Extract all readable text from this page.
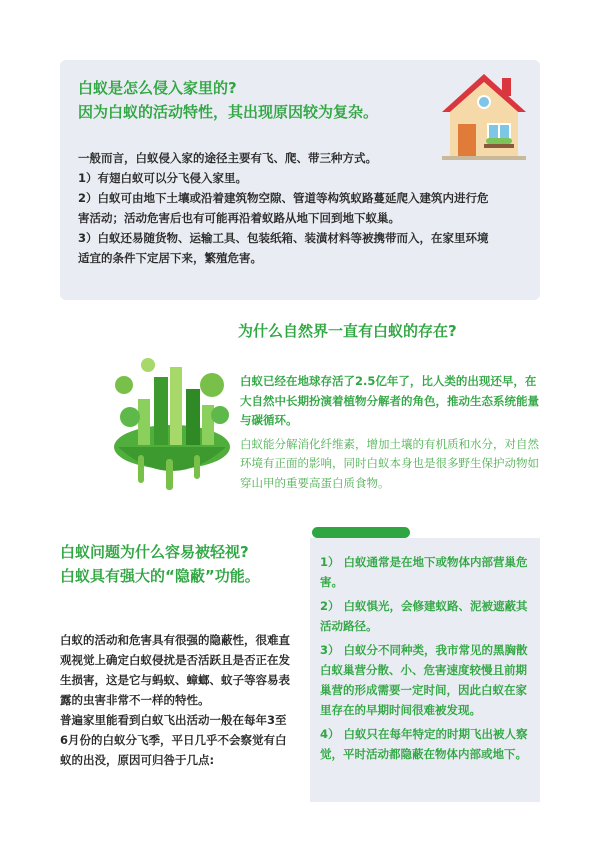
白蚁是怎么侵入家里的?
因为白蚁的活动特性，其出现原因较为复杂。

一般而言，白蚁侵入家的途径主要有飞、爬、带三种方式。

1）有翅白蚁可以分飞侵入家里。

2）白蚁可由地下土壤或沿着建筑物空隙、管道等构筑蚁路蔓延爬入建筑内进行危害活动；活动危害后也有可能再沿着蚁路从地下回到地下蚁巢。

3）白蚁还易随货物、运输工具、包装纸箱、装潢材料等被携带而入，在家里环境适宜的条件下定居下来，繁殖危害。

为什么自然界一直有白蚁的存在?

白蚁已经在地球存活了2.5亿年了，比人类的出现还早，在大自然中长期扮演着植物分解者的角色，推动生态系统能量与碳循环。

白蚁能分解消化纤维素，增加土壤的有机质和水分，对自然环境有正面的影响，同时白蚁本身也是很多野生保护动物如穿山甲的重要高蛋白质食物。

白蚁问题为什么容易被轻视?
白蚁具有强大的“隐蔽”功能。

白蚁的活动和危害具有很强的隐蔽性，很难直观视觉上确定白蚁侵扰是否活跃且是否正在发生损害，这是它与蚂蚁、蟑螂、蚊子等容易表露的虫害非常不一样的特性。

普遍家里能看到白蚁飞出活动一般在每年3至6月份的白蚁分飞季，平日几乎不会察觉有白蚁的出没，原因可归咎于几点:

1） 白蚁通常是在地下或物体内部营巢危害。

2） 白蚁惧光，会修建蚁路、泥被遮蔽其活动路径。

3） 白蚁分不同种类，我市常见的黑胸散白蚁巢营分散、小、危害速度较慢且前期巢营的形成需要一定时间，因此白蚁在家里存在的早期时间很难被发现。

4） 白蚁只在每年特定的时期飞出被人察觉，平时活动都隐蔽在物体内部或地下。
